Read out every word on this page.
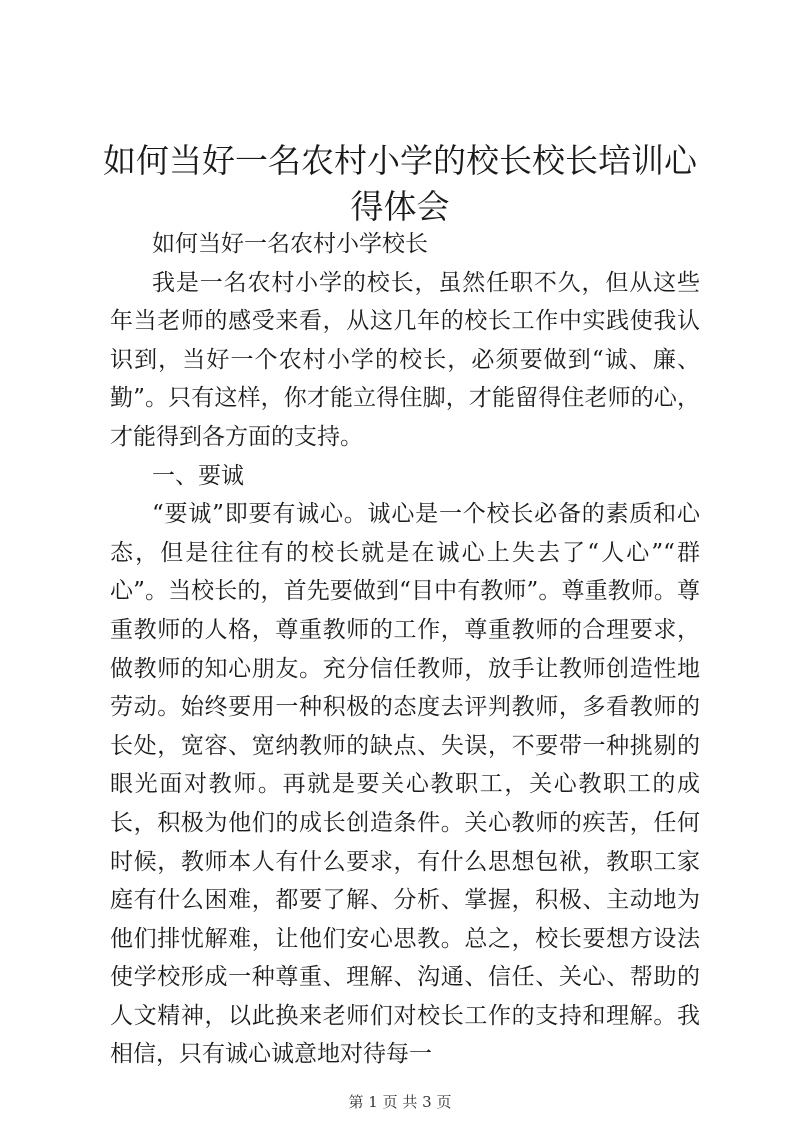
如何当好一名农村小学的校长校长培训心得体会

如何当好一名农村小学校长

我是一名农村小学的校长，虽然任职不久，但从这些年当老师的感受来看，从这几年的校长工作中实践使我认识到，当好一个农村小学的校长，必须要做到“诚、廉、勤”。只有这样，你才能立得住脚，才能留得住老师的心，才能得到各方面的支持。

一、要诚

“要诚”即要有诚心。诚心是一个校长必备的素质和心态，但是往往有的校长就是在诚心上失去了“人心”“群心”。当校长的，首先要做到“目中有教师”。尊重教师。尊重教师的人格，尊重教师的工作，尊重教师的合理要求，做教师的知心朋友。充分信任教师，放手让教师创造性地劳动。始终要用一种积极的态度去评判教师，多看教师的长处，宽容、宽纳教师的缺点、失误，不要带一种挑剔的眼光面对教师。再就是要关心教职工，关心教职工的成长，积极为他们的成长创造条件。关心教师的疾苦，任何时候，教师本人有什么要求，有什么思想包袱，教职工家庭有什么困难，都要了解、分析、掌握，积极、主动地为他们排忧解难，让他们安心思教。总之，校长要想方设法使学校形成一种尊重、理解、沟通、信任、关心、帮助的人文精神，以此换来老师们对校长工作的支持和理解。我相信，只有诚心诚意地对待每一

第 1 页 共 3 页
